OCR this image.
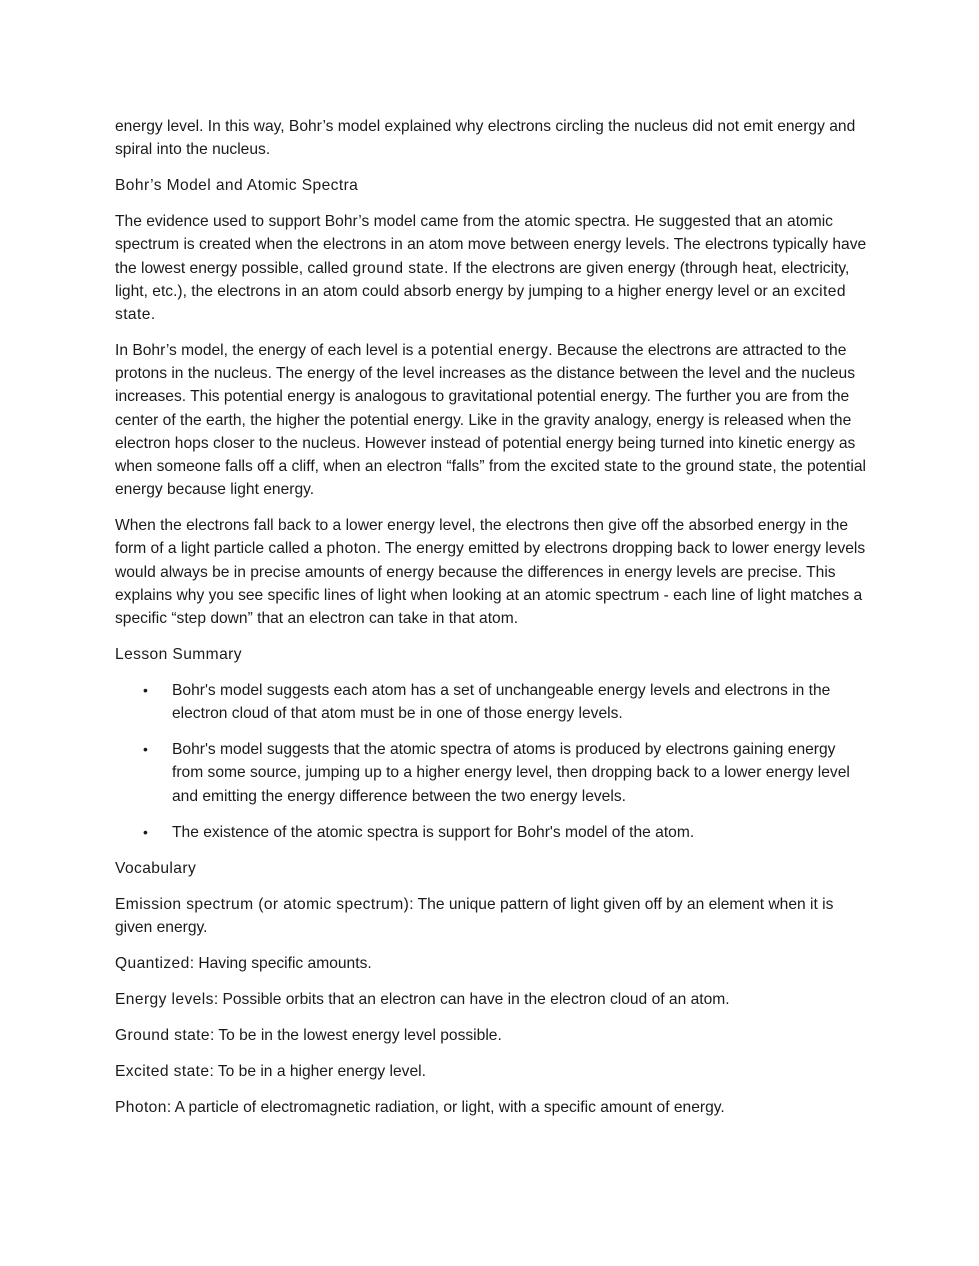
energy level. In this way, Bohr’s model explained why electrons circling the nucleus did not emit energy and spiral into the nucleus.

Bohr’s Model and Atomic Spectra

The evidence used to support Bohr’s model came from the atomic spectra. He suggested that an atomic spectrum is created when the electrons in an atom move between energy levels. The electrons typically have the lowest energy possible, called ground state. If the electrons are given energy (through heat, electricity, light, etc.), the electrons in an atom could absorb energy by jumping to a higher energy level or an excited state.

In Bohr’s model, the energy of each level is a potential energy. Because the electrons are attracted to the protons in the nucleus. The energy of the level increases as the distance between the level and the nucleus increases. This potential energy is analogous to gravitational potential energy. The further you are from the center of the earth, the higher the potential energy. Like in the gravity analogy, energy is released when the electron hops closer to the nucleus. However instead of potential energy being turned into kinetic energy as when someone falls off a cliff, when an electron “falls” from the excited state to the ground state, the potential energy because light energy.

When the electrons fall back to a lower energy level, the electrons then give off the absorbed energy in the form of a light particle called a photon. The energy emitted by electrons dropping back to lower energy levels would always be in precise amounts of energy because the differences in energy levels are precise. This explains why you see specific lines of light when looking at an atomic spectrum - each line of light matches a specific “step down” that an electron can take in that atom.

Lesson Summary

• Bohr's model suggests each atom has a set of unchangeable energy levels and electrons in the electron cloud of that atom must be in one of those energy levels.
• Bohr's model suggests that the atomic spectra of atoms is produced by electrons gaining energy from some source, jumping up to a higher energy level, then dropping back to a lower energy level and emitting the energy difference between the two energy levels.
• The existence of the atomic spectra is support for Bohr's model of the atom.

Vocabulary

Emission spectrum (or atomic spectrum): The unique pattern of light given off by an element when it is given energy.

Quantized: Having specific amounts.

Energy levels: Possible orbits that an electron can have in the electron cloud of an atom.

Ground state: To be in the lowest energy level possible.

Excited state: To be in a higher energy level.

Photon: A particle of electromagnetic radiation, or light, with a specific amount of energy.
